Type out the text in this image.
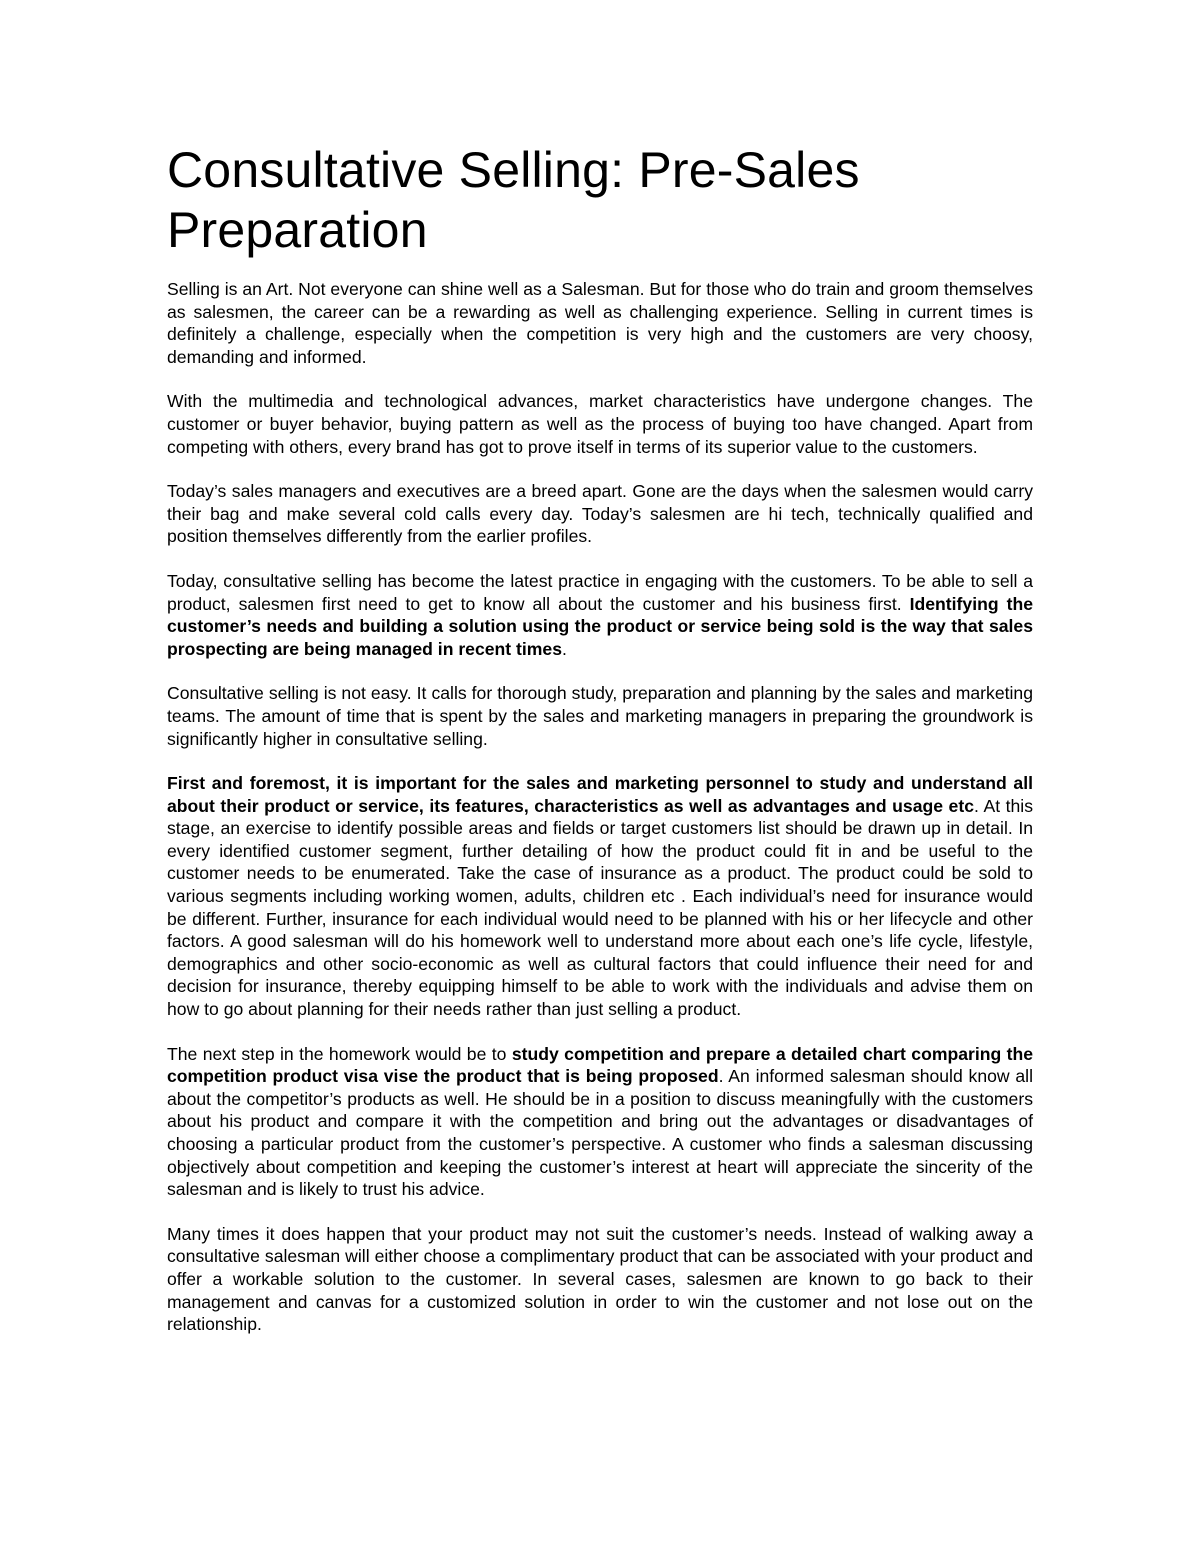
Consultative Selling: Pre-Sales Preparation

Selling is an Art. Not everyone can shine well as a Salesman. But for those who do train and groom themselves as salesmen, the career can be a rewarding as well as challenging experience. Selling in current times is definitely a challenge, especially when the competition is very high and the customers are very choosy, demanding and informed.

With the multimedia and technological advances, market characteristics have undergone changes. The customer or buyer behavior, buying pattern as well as the process of buying too have changed. Apart from competing with others, every brand has got to prove itself in terms of its superior value to the customers.

Today’s sales managers and executives are a breed apart. Gone are the days when the salesmen would carry their bag and make several cold calls every day. Today’s salesmen are hi tech, technically qualified and position themselves differently from the earlier profiles.

Today, consultative selling has become the latest practice in engaging with the customers. To be able to sell a product, salesmen first need to get to know all about the customer and his business first. Identifying the customer’s needs and building a solution using the product or service being sold is the way that sales prospecting are being managed in recent times.

Consultative selling is not easy. It calls for thorough study, preparation and planning by the sales and marketing teams. The amount of time that is spent by the sales and marketing managers in preparing the groundwork is significantly higher in consultative selling.

First and foremost, it is important for the sales and marketing personnel to study and understand all about their product or service, its features, characteristics as well as advantages and usage etc. At this stage, an exercise to identify possible areas and fields or target customers list should be drawn up in detail. In every identified customer segment, further detailing of how the product could fit in and be useful to the customer needs to be enumerated. Take the case of insurance as a product. The product could be sold to various segments including working women, adults, children etc . Each individual’s need for insurance would be different. Further, insurance for each individual would need to be planned with his or her lifecycle and other factors. A good salesman will do his homework well to understand more about each one’s life cycle, lifestyle, demographics and other socio-economic as well as cultural factors that could influence their need for and decision for insurance, thereby equipping himself to be able to work with the individuals and advise them on how to go about planning for their needs rather than just selling a product.

The next step in the homework would be to study competition and prepare a detailed chart comparing the competition product visa vise the product that is being proposed. An informed salesman should know all about the competitor’s products as well. He should be in a position to discuss meaningfully with the customers about his product and compare it with the competition and bring out the advantages or disadvantages of choosing a particular product from the customer’s perspective. A customer who finds a salesman discussing objectively about competition and keeping the customer’s interest at heart will appreciate the sincerity of the salesman and is likely to trust his advice.

Many times it does happen that your product may not suit the customer’s needs. Instead of walking away a consultative salesman will either choose a complimentary product that can be associated with your product and offer a workable solution to the customer. In several cases, salesmen are known to go back to their management and canvas for a customized solution in order to win the customer and not lose out on the relationship.
